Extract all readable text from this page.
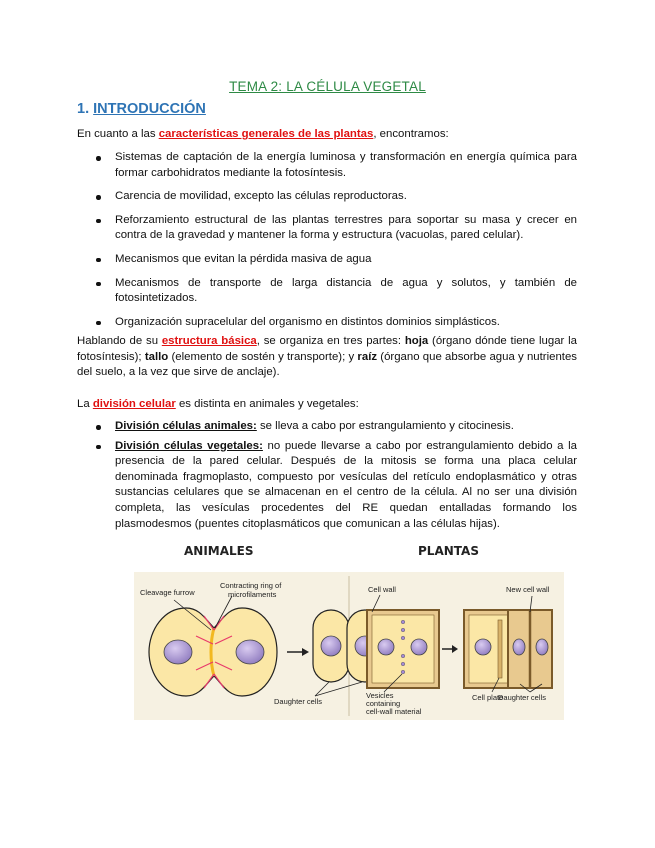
TEMA 2: LA CÉLULA VEGETAL
1. INTRODUCCIÓN
En cuanto a las características generales de las plantas, encontramos:
Sistemas de captación de la energía luminosa y transformación en energía química para formar carbohidratos mediante la fotosíntesis.
Carencia de movilidad, excepto las células reproductoras.
Reforzamiento estructural de las plantas terrestres para soportar su masa y crecer en contra de la gravedad y mantener la forma y estructura (vacuolas, pared celular).
Mecanismos que evitan la pérdida masiva de agua
Mecanismos de transporte de larga distancia de agua y solutos, y también de fotosintetizados.
Organización supracelular del organismo en distintos dominios simplásticos.
Hablando de su estructura básica, se organiza en tres partes: hoja (órgano dónde tiene lugar la fotosíntesis); tallo (elemento de sostén y transporte); y raíz (órgano que absorbe agua y nutrientes del suelo, a la vez que sirve de anclaje).
La división celular es distinta en animales y vegetales:
División células animales: se lleva a cabo por estrangulamiento y citocinesis.
División células vegetales: no puede llevarse a cabo por estrangulamiento debido a la presencia de la pared celular. Después de la mitosis se forma una placa celular denominada fragmoplasto, compuesto por vesículas del retículo endoplasmático y otras sustancias celulares que se almacenan en el centro de la célula. Al no ser una división completa, las vesículas procedentes del RE quedan entalladas formando los plasmodesmos (puentes citoplasmáticos que comunican a las células hijas).
ANIMALES	PLANTAS
Cleavage furrow
Contracting ring of
microfilaments
Daughter cells
Cell wall
Vesicles
containing
cell-wall material
Cell plate
New cell wall
Daughter cells
